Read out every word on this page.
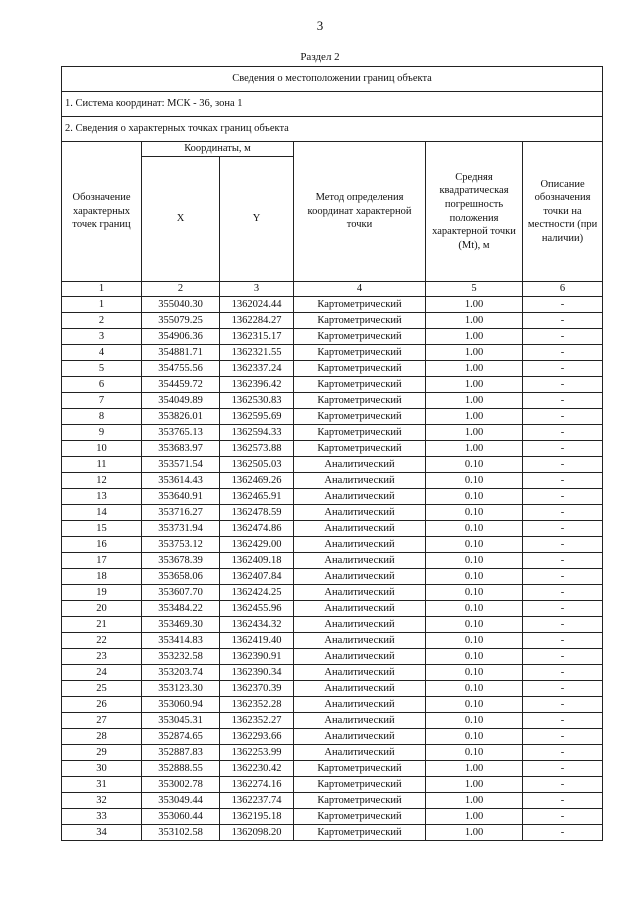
3
Раздел 2
Сведения о местоположении границ объекта					
1. Система координат: МСК - 36, зона 1					
2. Сведения о характерных точках границ объекта					
Обозначение характерных точек границ	Координаты, м		Метод определения координат характерной точки	Средняя квадратическая погрешность положения характерной точки (Mt), м	Описание обозначения точки на местности (при наличии)
	X	Y			
1	2	3	4	5	6
1	355040.30	1362024.44	Картометрический	1.00	-
2	355079.25	1362284.27	Картометрический	1.00	-
3	354906.36	1362315.17	Картометрический	1.00	-
4	354881.71	1362321.55	Картометрический	1.00	-
5	354755.56	1362337.24	Картометрический	1.00	-
6	354459.72	1362396.42	Картометрический	1.00	-
7	354049.89	1362530.83	Картометрический	1.00	-
8	353826.01	1362595.69	Картометрический	1.00	-
9	353765.13	1362594.33	Картометрический	1.00	-
10	353683.97	1362573.88	Картометрический	1.00	-
11	353571.54	1362505.03	Аналитический	0.10	-
12	353614.43	1362469.26	Аналитический	0.10	-
13	353640.91	1362465.91	Аналитический	0.10	-
14	353716.27	1362478.59	Аналитический	0.10	-
15	353731.94	1362474.86	Аналитический	0.10	-
16	353753.12	1362429.00	Аналитический	0.10	-
17	353678.39	1362409.18	Аналитический	0.10	-
18	353658.06	1362407.84	Аналитический	0.10	-
19	353607.70	1362424.25	Аналитический	0.10	-
20	353484.22	1362455.96	Аналитический	0.10	-
21	353469.30	1362434.32	Аналитический	0.10	-
22	353414.83	1362419.40	Аналитический	0.10	-
23	353232.58	1362390.91	Аналитический	0.10	-
24	353203.74	1362390.34	Аналитический	0.10	-
25	353123.30	1362370.39	Аналитический	0.10	-
26	353060.94	1362352.28	Аналитический	0.10	-
27	353045.31	1362352.27	Аналитический	0.10	-
28	352874.65	1362293.66	Аналитический	0.10	-
29	352887.83	1362253.99	Аналитический	0.10	-
30	352888.55	1362230.42	Картометрический	1.00	-
31	353002.78	1362274.16	Картометрический	1.00	-
32	353049.44	1362237.74	Картометрический	1.00	-
33	353060.44	1362195.18	Картометрический	1.00	-
34	353102.58	1362098.20	Картометрический	1.00	-
